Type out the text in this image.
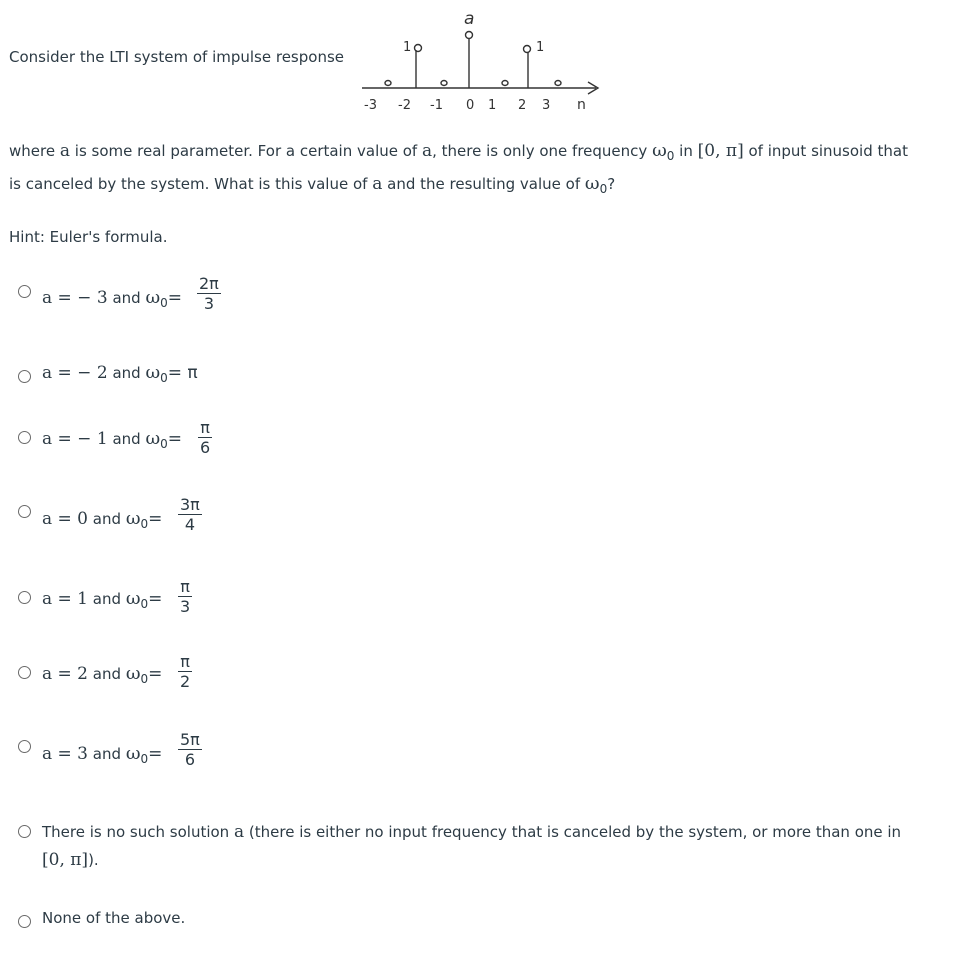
Consider the LTI system of impulse response
1
a
1
-3 -2 -1 0 1 2 3 n
where a is some real parameter. For a certain value of a, there is only one frequency $\omega_0$ in [0, π] of input sinusoid that
is canceled by the system. What is this value of a and the resulting value of $\omega_0$?
Hint: Euler's formula.
a = − 3 and $\omega_0= \frac{2\pi}{3}$
a = − 2 and $\omega_0= \pi$
a = − 1 and $\omega_0= \frac{\pi}{6}$
a = 0 and $\omega_0= \frac{3\pi}{4}$
a = 1 and $\omega_0= \frac{\pi}{3}$
a = 2 and $\omega_0= \frac{\pi}{2}$
a = 3 and $\omega_0= \frac{5\pi}{6}$
There is no such solution a (there is either no input frequency that is canceled by the system, or more than one in
[0, π]).
None of the above.
